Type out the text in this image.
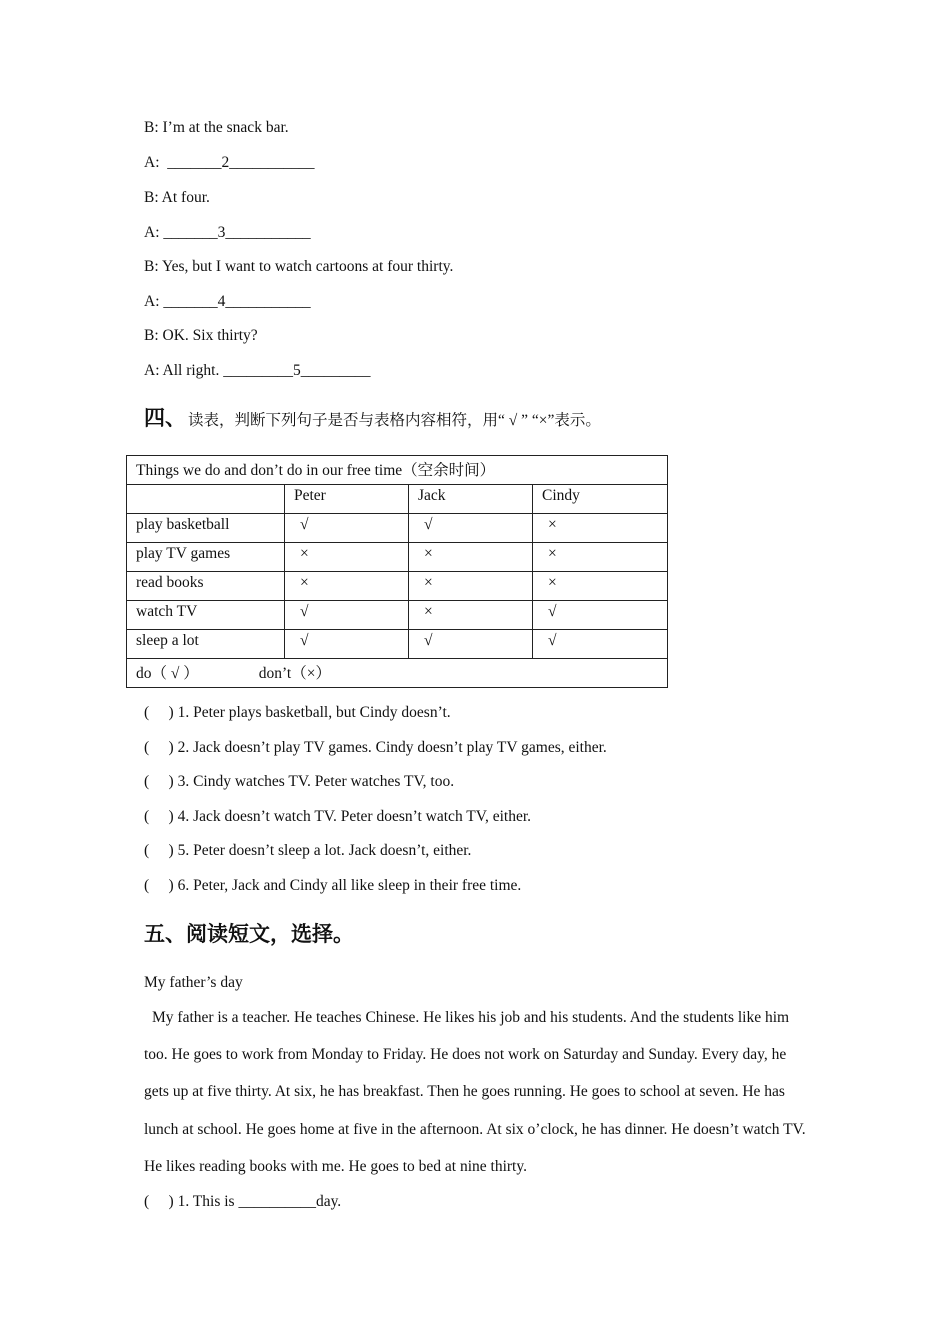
B: I’m at the snack bar.
A:  _______2___________
B: At four.
A: _______3___________
B: Yes, but I want to watch cartoons at four thirty.
A: _______4___________
B: OK. Six thirty?
A: All right. _________5_________
四、 读表，判断下列句子是否与表格内容相符，用“ √ ” “×”表示。
Things we do and don’t do in our free time（空余时间）			
	Peter	Jack	Cindy
play basketball	√	√	×
play TV games	×	×	×
read books	×	×	×
watch TV	√	×	√
sleep a lot	√	√	√
do（ √ ） don’t（×）			
(     ) 1. Peter plays basketball, but Cindy doesn’t.
(     ) 2. Jack doesn’t play TV games. Cindy doesn’t play TV games, either.
(     ) 3. Cindy watches TV. Peter watches TV, too.
(     ) 4. Jack doesn’t watch TV. Peter doesn’t watch TV, either.
(     ) 5. Peter doesn’t sleep a lot. Jack doesn’t, either.
(     ) 6. Peter, Jack and Cindy all like sleep in their free time.
五、阅读短文，选择。
My father’s day
My father is a teacher. He teaches Chinese. He likes his job and his students. And the students like him too. He goes to work from Monday to Friday. He does not work on Saturday and Sunday. Every day, he gets up at five thirty. At six, he has breakfast. Then he goes running. He goes to school at seven. He has lunch at school. He goes home at five in the afternoon. At six o’clock, he has dinner. He doesn’t watch TV. He likes reading books with me. He goes to bed at nine thirty.
(     ) 1. This is __________day.
